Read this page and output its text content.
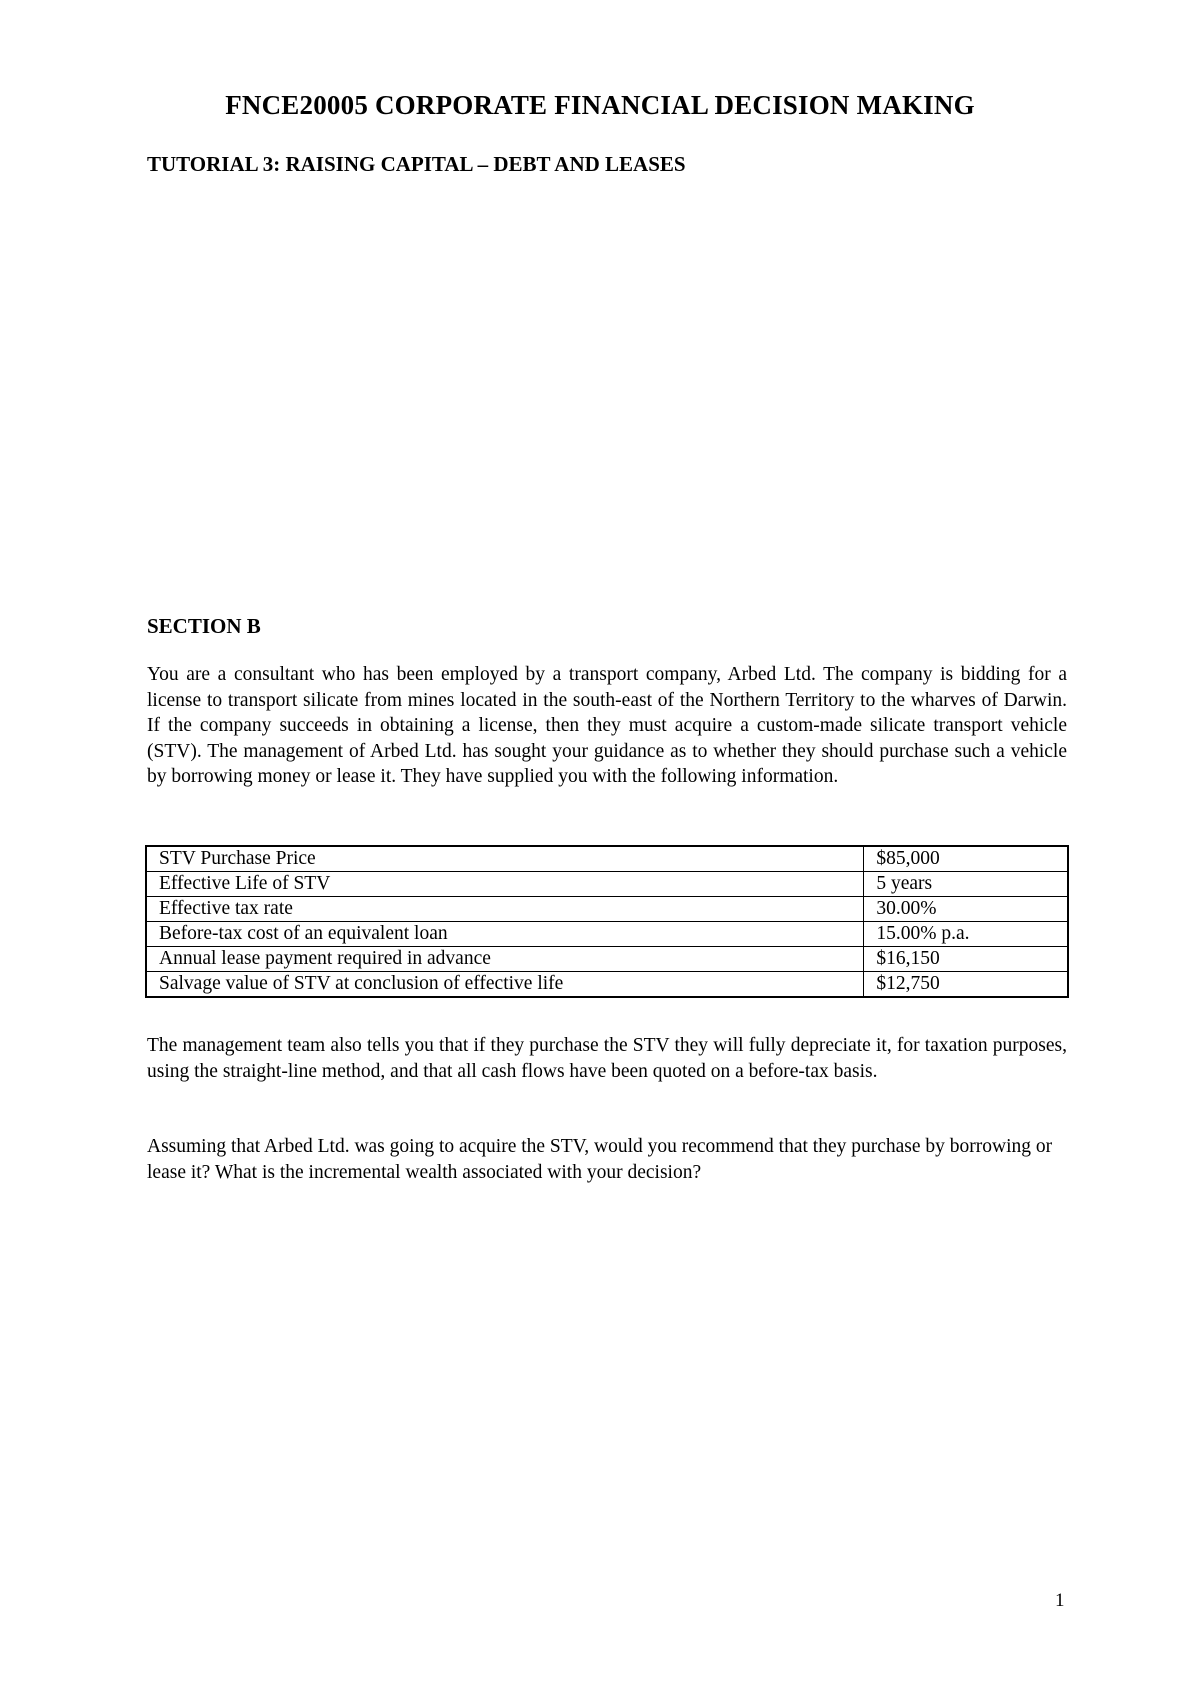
FNCE20005 CORPORATE FINANCIAL DECISION MAKING
TUTORIAL 3: RAISING CAPITAL – DEBT AND LEASES
SECTION B

You are a consultant who has been employed by a transport company, Arbed Ltd. The company is bidding for a license to transport silicate from mines located in the south-east of the Northern Territory to the wharves of Darwin. If the company succeeds in obtaining a license, then they must acquire a custom-made silicate transport vehicle (STV). The management of Arbed Ltd. has sought your guidance as to whether they should purchase such a vehicle by borrowing money or lease it. They have supplied you with the following information.

STV Purchase Price	$85,000
Effective Life of STV	5 years
Effective tax rate	30.00%
Before-tax cost of an equivalent loan	15.00% p.a.
Annual lease payment required in advance	$16,150
Salvage value of STV at conclusion of effective life	$12,750

The management team also tells you that if they purchase the STV they will fully depreciate it, for taxation purposes, using the straight-line method, and that all cash flows have been quoted on a before-tax basis.

Assuming that Arbed Ltd. was going to acquire the STV, would you recommend that they purchase by borrowing or lease it? What is the incremental wealth associated with your decision?

1
